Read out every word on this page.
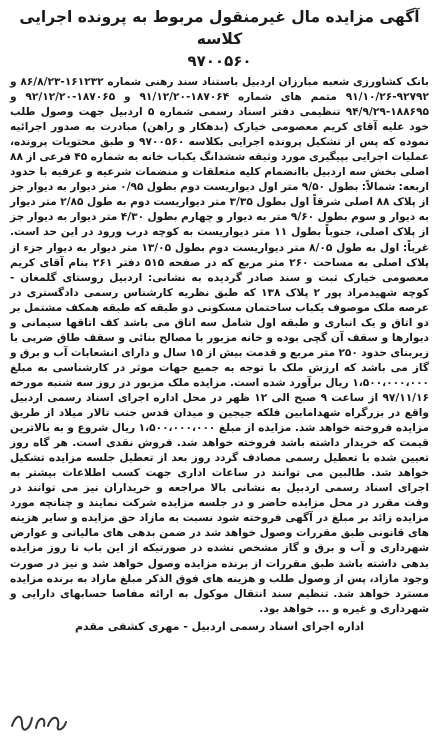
آگهی مزایده مال غیرمنقول مربوط به پرونده اجرایی کلاسه
۹۷۰۰۵۶۰

بانک کشاورزی شعبه مبارزان اردبیل باستناد سند رهنی شماره ۱۶۱۲۳۲-۸۶/۸/۲۳ و ۹۲۷۹۲-۹۱/۱۰/۲۶ متمم های شماره ۱۸۷۰۶۴-۹۱/۱۲/۲۰ و ۱۸۷۰۶۵-۹۲/۱۲/۲۰ و ۱۸۸۶۹۵-۹۴/۹/۲۹ تنظیمی دفتر اسناد رسمی شماره ۵ اردبیل جهت وصول طلب خود علیه آقای کریم معصومی خیارک (بدهکار و راهن) مبادرت به صدور اجرائیه نموده که پس از تشکیل پرونده اجرایی بکلاسه ۹۷۰۰۵۶۰ و طبق محتویات پرونده، عملیات اجرایی بپیگیری مورد وثیقه ششدانگ یکباب خانه به شماره ۴۵ فرعی از ۸۸ اصلی بخش سه اردبیل باانضمام کلیه متعلقات و منضمات شرعیه و عرفیه با حدود اربعه: شمالاً: بطول ۹/۵۰ متر اول دیواریست دوم بطول ۰/۹۵ متر دیوار به دیوار جز از پلاک ۸۸ اصلی شرقاً اول بطول ۳/۳۵ متر دیواریست دوم به طول ۲/۸۵ متر دیوار به دیوار و سوم بطول ۹/۶۰ متر به دیوار و چهارم بطول ۴/۳۰ متر دیوار به دیوار جز از پلاک اصلی، جنوباً بطول ۱۱ متر دیواریست به کوچه درب ورود در این حد است. غرباً: اول به طول ۸/۰۵ متر دیواریست دوم بطول ۱۳/۰۵ متر دیوار به دیوار جزء از پلاک اصلی به مساحت ۲۶۰ متر مربع که در صفحه ۵۱۵ دفتر ۲۶۱ بنام آقای کریم معصومی خیارک ثبت و سند صادر گردیده به نشانی: اردبیل روستای گلمغان - کوچه شهیدمراد پور ۲ پلاک ۱۳۸ که طبق نظریه کارشناس رسمی دادگستری در عرصه ملک موصوف یکباب ساختمان مسکونی دو طبقه که طبقه همکف مشتمل بر دو اتاق و یک انباری و طبقه اول شامل سه اتاق می باشد کف اتاقها سیمانی و دیوارها و سقف آن گچی بوده و خانه مزبور با مصالح بنائی و سقف طاق ضربی با زیربنای حدود ۲۵۰ متر مربع و قدمت بیش از ۱۵ سال و دارای انشعابات آب و برق و گاز می باشد که ارزش ملک با توجه به جمیع جهات موثر در کارشناسی به مبلغ ۱،۵۰۰،۰۰۰،۰۰۰ ریال برآورد شده است. مزایده ملک مزبور در روز سه شنبه مورخه ۹۷/۱۱/۱۶ از ساعت ۹ صبح الی ۱۲ ظهر در محل اداره اجرای اسناد رسمی اردبیل واقع در بزرگراه شهدامابین فلکه جیجین و میدان قدس جنب تالار میلاد از طریق مزایده فروخته خواهد شد. مزایده از مبلغ ۱،۵۰۰،۰۰۰،۰۰۰ ریال شروع و به بالاترین قیمت که خریدار داشته باشد فروخته خواهد شد. فروش نقدی است. هر گاه روز تعیین شده با تعطیل رسمی مصادف گردد روز بعد از تعطیل جلسه مزایده تشکیل خواهد شد. طالبین می توانند در ساعات اداری جهت کسب اطلاعات بیشتر به اجرای اسناد رسمی اردبیل به نشانی بالا مراجعه و خریداران نیز می توانند در وقت مقرر در محل مزایده حاضر و در جلسه مزایده شرکت نمایند و چنانچه مورد مزایده زائد بر مبلغ در آگهی فروخته شود نسبت به مازاد حق مزایده و سایر هزینه های قانونی طبق مقررات وصول خواهد شد در ضمن بدهی های مالیاتی و عوارض شهرداری و آب و برق و گاز مشخص نشده در صورتیکه از این باب تا روز مزایده بدهی داشته باشد طبق مقررات از برنده مزایده وصول خواهد شد و نیز در صورت وجود مازاد، پس از وصول طلب و هزینه های فوق الذکر مبلغ مازاد به برنده مزایده مسترد خواهد شد. تنظیم سند انتقال موکول به ارائه مفاصا حسابهای دارایی و شهرداری و غیره و ... خواهد بود.

اداره اجرای اسناد رسمی اردبیل - مهری کشفی مقدم
